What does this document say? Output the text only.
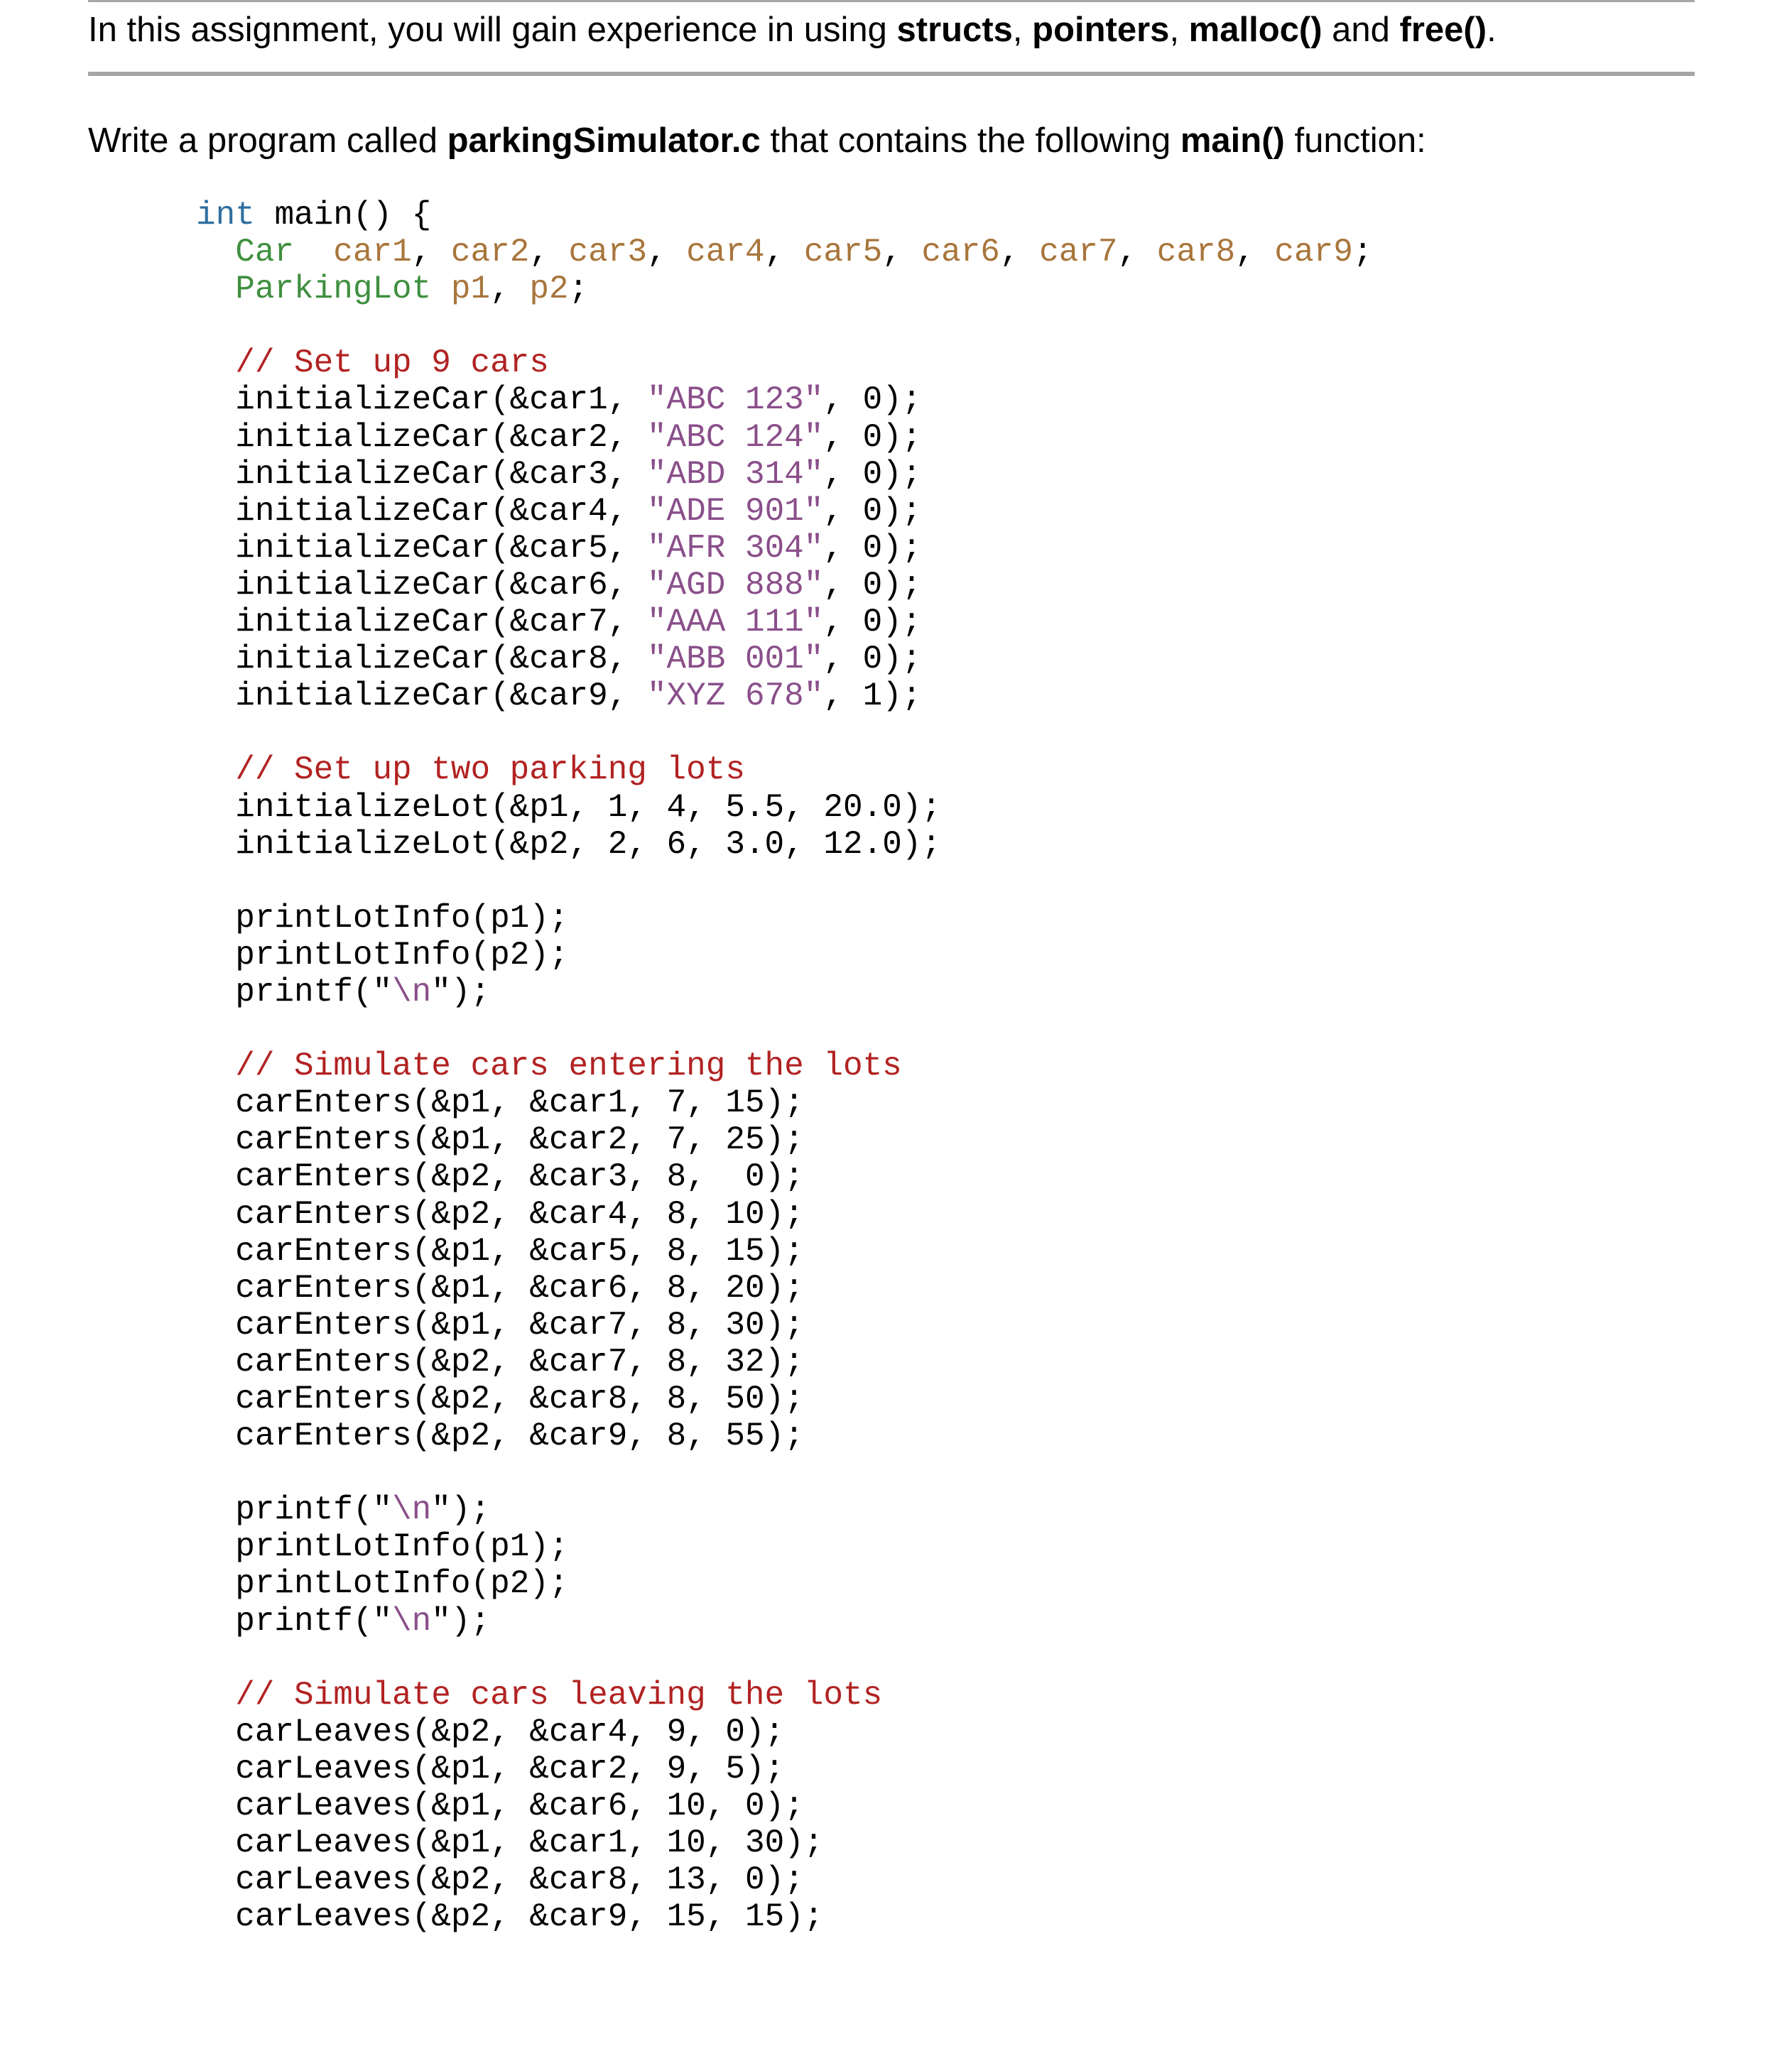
In this assignment, you will gain experience in using structs, pointers, malloc() and free().
Write a program called parkingSimulator.c that contains the following main() function:
int main() {
Car car1, car2, car3, car4, car5, car6, car7, car8, car9;
ParkingLot p1, p2;

// Set up 9 cars
initializeCar(&car1, "ABC 123", 0);
initializeCar(&car2, "ABC 124", 0);
initializeCar(&car3, "ABD 314", 0);
initializeCar(&car4, "ADE 901", 0);
initializeCar(&car5, "AFR 304", 0);
initializeCar(&car6, "AGD 888", 0);
initializeCar(&car7, "AAA 111", 0);
initializeCar(&car8, "ABB 001", 0);
initializeCar(&car9, "XYZ 678", 1);

// Set up two parking lots
initializeLot(&p1, 1, 4, 5.5, 20.0);
initializeLot(&p2, 2, 6, 3.0, 12.0);

printLotInfo(p1);
printLotInfo(p2);
printf("\n");

// Simulate cars entering the lots
carEnters(&p1, &car1, 7, 15);
carEnters(&p1, &car2, 7, 25);
carEnters(&p2, &car3, 8,  0);
carEnters(&p2, &car4, 8, 10);
carEnters(&p1, &car5, 8, 15);
carEnters(&p1, &car6, 8, 20);
carEnters(&p1, &car7, 8, 30);
carEnters(&p2, &car7, 8, 32);
carEnters(&p2, &car8, 8, 50);
carEnters(&p2, &car9, 8, 55);

printf("\n");
printLotInfo(p1);
printLotInfo(p2);
printf("\n");

// Simulate cars leaving the lots
carLeaves(&p2, &car4, 9, 0);
carLeaves(&p1, &car2, 9, 5);
carLeaves(&p1, &car6, 10, 0);
carLeaves(&p1, &car1, 10, 30);
carLeaves(&p2, &car8, 13, 0);
carLeaves(&p2, &car9, 15, 15);
